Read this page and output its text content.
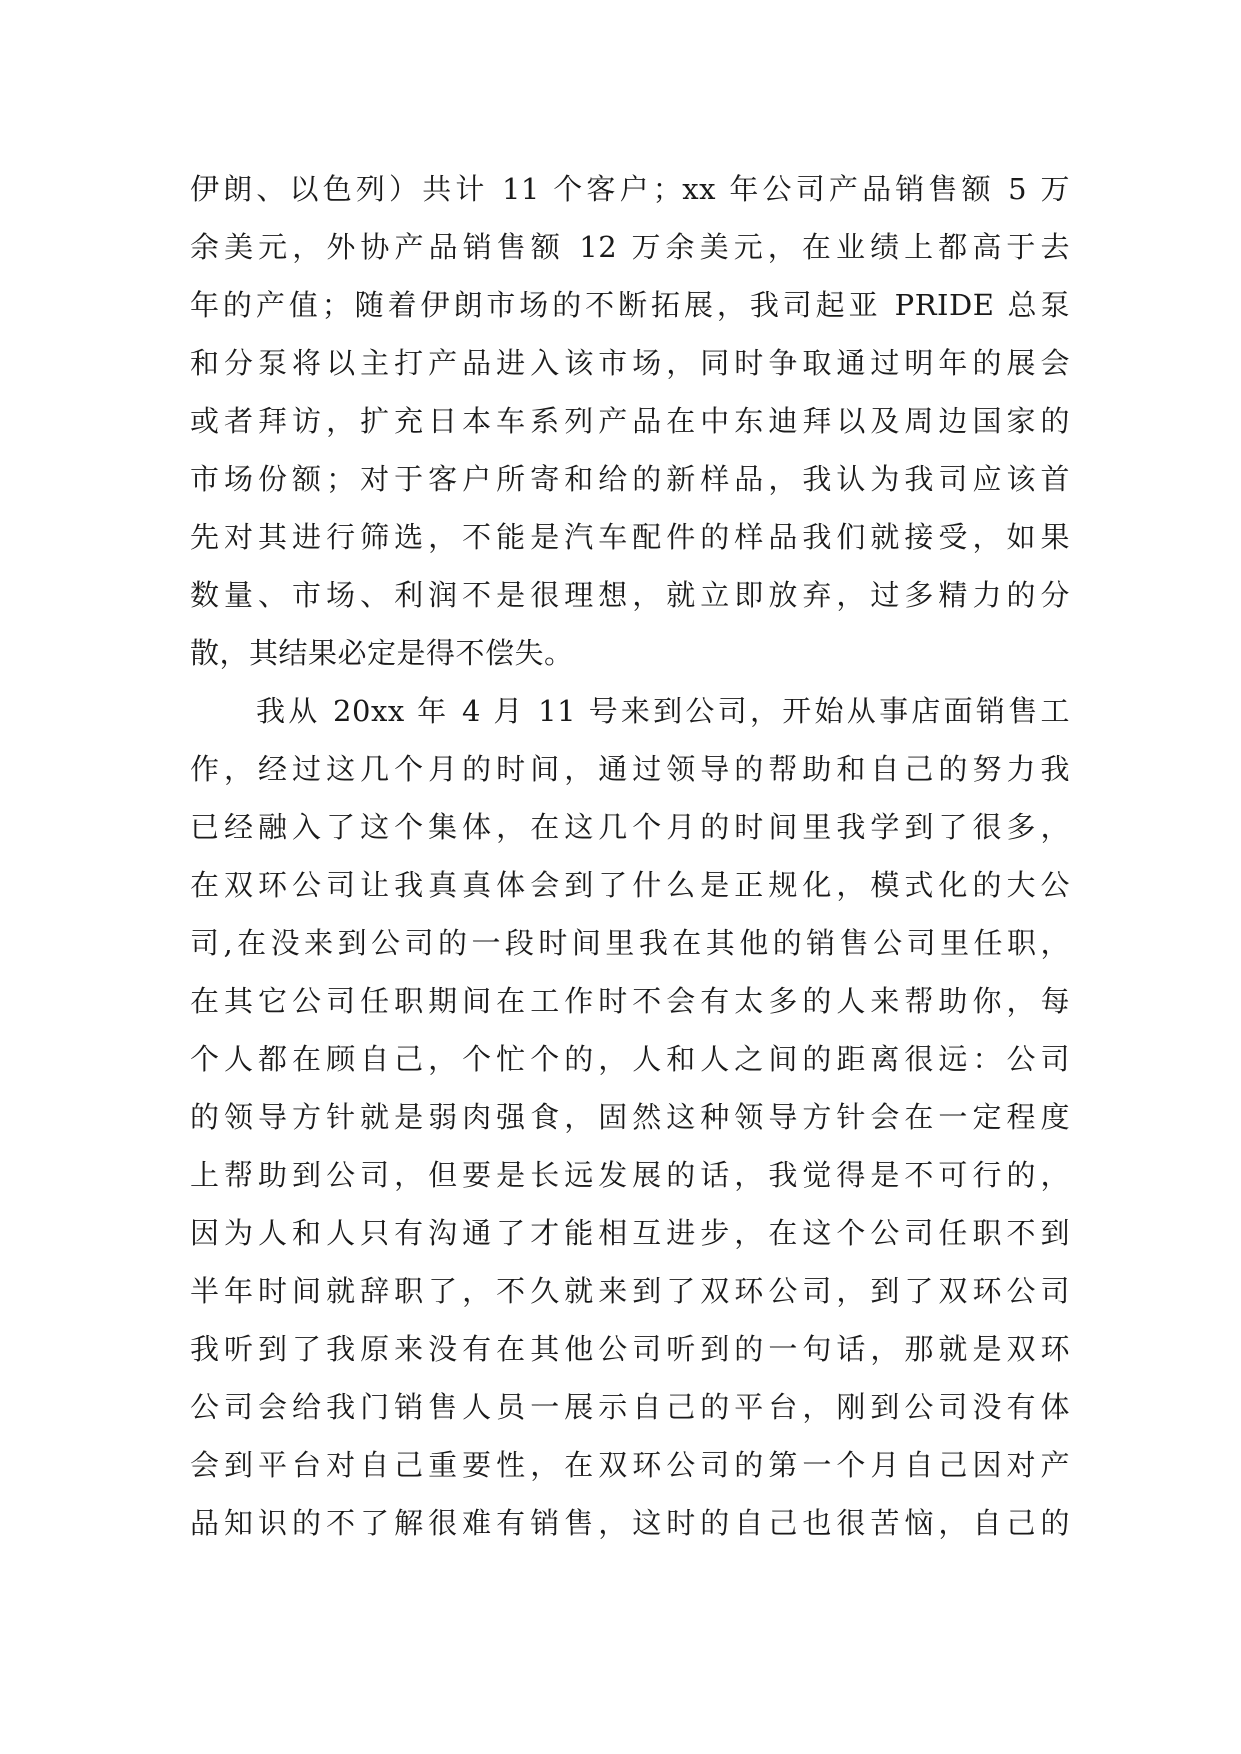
伊朗、以色列）共计 11 个客户；xx 年公司产品销售额 5 万
余美元，外协产品销售额 12 万余美元，在业绩上都高于去
年的产值；随着伊朗市场的不断拓展，我司起亚 PRIDE 总泵
和分泵将以主打产品进入该市场，同时争取通过明年的展会
或者拜访，扩充日本车系列产品在中东迪拜以及周边国家的
市场份额；对于客户所寄和给的新样品，我认为我司应该首
先对其进行筛选，不能是汽车配件的样品我们就接受，如果
数量、市场、利润不是很理想，就立即放弃，过多精力的分
散，其结果必定是得不偿失。
我从 20xx 年 4 月 11 号来到公司，开始从事店面销售工
作，经过这几个月的时间，通过领导的帮助和自己的努力我
已经融入了这个集体，在这几个月的时间里我学到了很多，
在双环公司让我真真体会到了什么是正规化，模式化的大公
司,在没来到公司的一段时间里我在其他的销售公司里任职，
在其它公司任职期间在工作时不会有太多的人来帮助你，每
个人都在顾自己，个忙个的，人和人之间的距离很远：公司
的领导方针就是弱肉强食，固然这种领导方针会在一定程度
上帮助到公司，但要是长远发展的话，我觉得是不可行的，
因为人和人只有沟通了才能相互进步，在这个公司任职不到
半年时间就辞职了，不久就来到了双环公司，到了双环公司
我听到了我原来没有在其他公司听到的一句话，那就是双环
公司会给我门销售人员一展示自己的平台，刚到公司没有体
会到平台对自己重要性，在双环公司的第一个月自己因对产
品知识的不了解很难有销售，这时的自己也很苦恼，自己的
